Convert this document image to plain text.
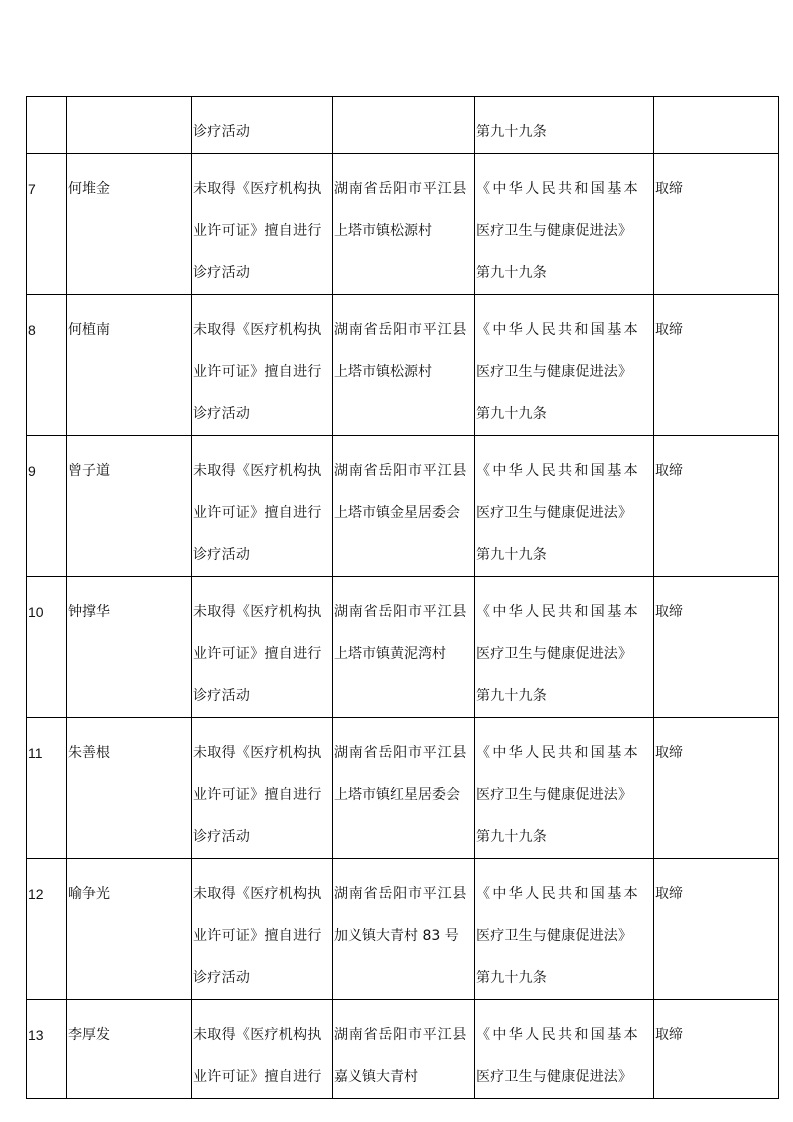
		诊疗活动		第九十九条	

7	何堆金	未取得《医疗机构执
业许可证》擅自进行
诊疗活动	湖南省岳阳市平江县
上塔市镇松源村	《中华人民共和国基本
医疗卫生与健康促进法》
第九十九条	取缔
8	何植南	未取得《医疗机构执
业许可证》擅自进行
诊疗活动	湖南省岳阳市平江县
上塔市镇松源村	《中华人民共和国基本
医疗卫生与健康促进法》
第九十九条	取缔
9	曾子道	未取得《医疗机构执
业许可证》擅自进行
诊疗活动	湖南省岳阳市平江县
上塔市镇金星居委会	《中华人民共和国基本
医疗卫生与健康促进法》
第九十九条	取缔
10	钟撑华	未取得《医疗机构执
业许可证》擅自进行
诊疗活动	湖南省岳阳市平江县
上塔市镇黄泥湾村	《中华人民共和国基本
医疗卫生与健康促进法》
第九十九条	取缔
11	朱善根	未取得《医疗机构执
业许可证》擅自进行
诊疗活动	湖南省岳阳市平江县
上塔市镇红星居委会	《中华人民共和国基本
医疗卫生与健康促进法》
第九十九条	取缔
12	喻争光	未取得《医疗机构执
业许可证》擅自进行
诊疗活动	湖南省岳阳市平江县
加义镇大青村 83 号	《中华人民共和国基本
医疗卫生与健康促进法》
第九十九条	取缔
13	李厚发	未取得《医疗机构执
业许可证》擅自进行	湖南省岳阳市平江县
嘉义镇大青村	《中华人民共和国基本
医疗卫生与健康促进法》	取缔
